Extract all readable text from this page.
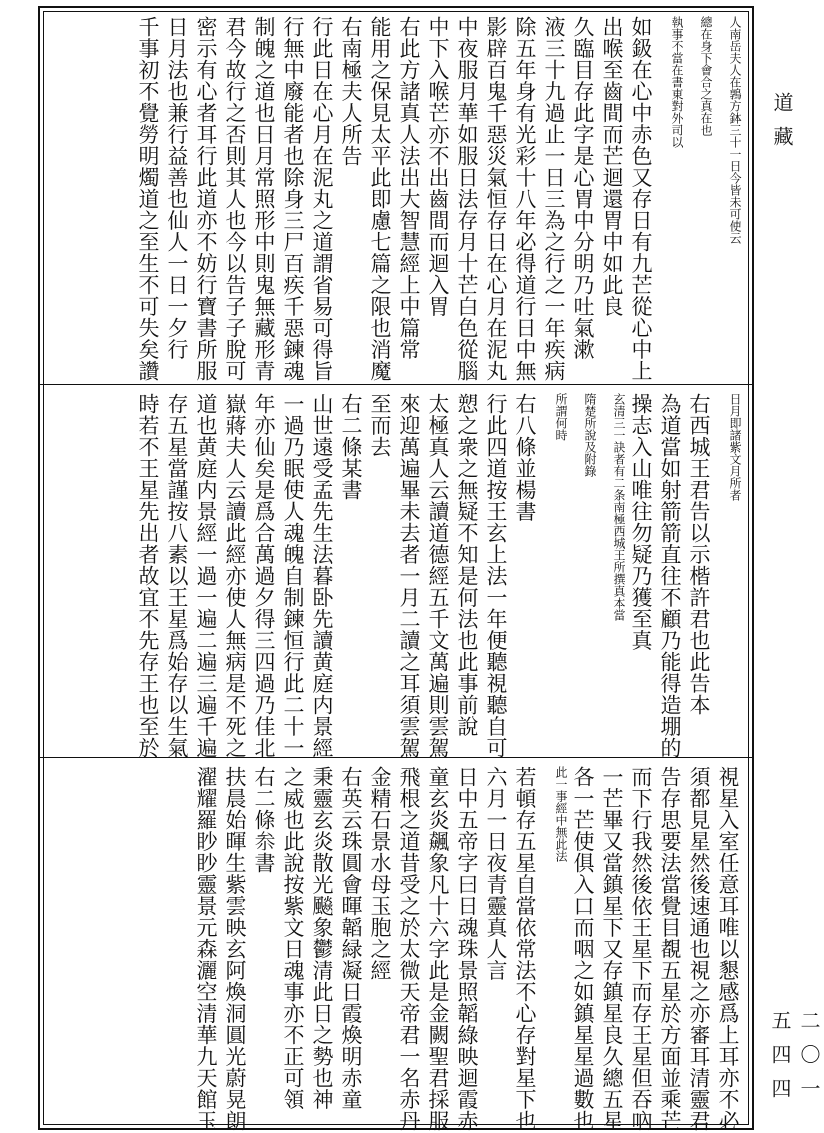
道藏
二〇一五四四
人南岳夫人在鶉方鉢三十一日今皆未可使云
總在身下會合之真在也
執事不當在書東對外司以
如鈒在心中赤色又存日有九芒從心中上
出喉至齒間而芒迴還胃中如此良
久臨目存此字是心胃中分明乃吐氣漱
液三十九過止一日三為之行之一年疾病
除五年身有光彩十八年必得道行日中無
影辟百鬼千惡災氣恒存日在心月在泥丸
中夜服月華如服日法存月十芒白色從腦
中下入喉芒亦不出齒間而迴入胃
右此方諸真人法出大智慧經上中篇常
能用之保見太平此即慮七篇之限也消魔
右南極夫人所告
行此日在心月在泥丸之道謂省易可得旨
行無中廢能者也除身三尸百疾千惡鍊魂
制魄之道也日月常照形中則鬼無藏形青
君今故行之否則其人也今以告子子脫可
密示有心者耳行此道亦不妨行寶書所服
日月法也兼行益善也仙人一日一夕行
千事初不覺勞明燭道之至生不可失矣讚
日月即諸紫文月所者
右西城王君告以示楷許君也此告本
為道當如射箭箭直往不顧乃能得造堋的
操志入山唯往勿疑乃獲至真
玄清三一訣者有二条南極西城王所撰真本當
隋楚所說及附錄
所謂何時
右八條並楊書
行此四道按王玄上法一年便聽視聽自可
愬之衆之無疑不知是何法也此事前說
太極真人云讀道德經五千文萬遍則雲駕
來迎萬遍畢未去者一月二讀之耳須雲駕
至而去
右二條某書
山世遠受孟先生法暮卧先讀黄庭内景經
一過乃眠使人魂魄自制鍊恒行此二十一
年亦仙矣是爲合萬過夕得三四過乃佳北
嶽蔣夫人云讀此經亦使人無病是不死之
道也黄庭内景經一過一遍二遍三遍千遍
存五星當謹按八素以王星爲始存以生氣
時若不王星先出者故宜不先存王也至於
視星入室任意耳唯以懇感爲上耳亦不必
須都見星然後速通也視之亦審耳清靈君
告存思要法當覺目覩五星於方面並乘芒
而下行我然後依王星下而存王星但吞吶
一芒畢又當鎮星下又存鎮星良久總五星
各一芒使俱入口而咽之如鎮星星過數也
此一事經中無此法
若頓存五星自當依常法不心存對星下也
六月一日夜青靈真人言
日中五帝字曰日魂珠景照韜綠映迴霞赤
童玄炎飆象凡十六字此是金闕聖君採服
飛根之道昔受之於太微天帝君一名赤丹
金精石景水母玉胞之經
右英云珠圓會暉韜緑凝日霞煥明赤童
秉靈玄炎散光飈象鬱清此日之勢也神
之威也此說按紫文日魂事亦不正可領
右二條𠫭書
扶晨始暉生紫雲映玄阿煥洞圓光蔚晃朗
濯耀羅眇眇靈景元森灑空清華九天館玉
